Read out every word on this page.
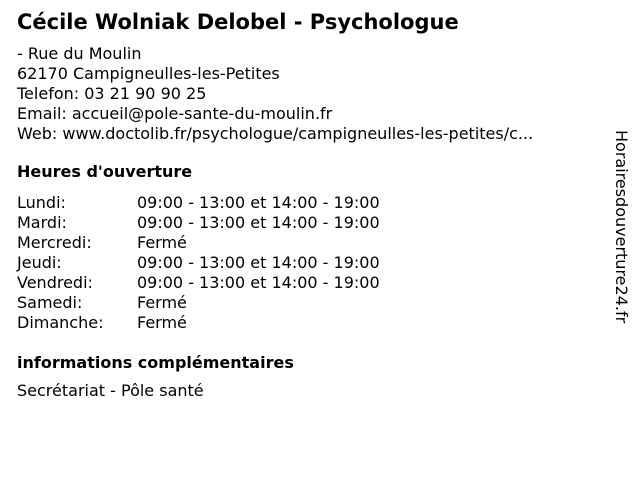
Cécile Wolniak Delobel - Psychologue
- Rue du Moulin
62170 Campigneulles-les-Petites
Telefon: 03 21 90 90 25
Email: accueil@pole-sante-du-moulin.fr
Web: www.doctolib.fr/psychologue/campigneulles-les-petites/c...
Heures d'ouverture
Lundi:	09:00 - 13:00 et 14:00 - 19:00
Mardi:	09:00 - 13:00 et 14:00 - 19:00
Mercredi:	Fermé
Jeudi:	09:00 - 13:00 et 14:00 - 19:00
Vendredi:	09:00 - 13:00 et 14:00 - 19:00
Samedi:	Fermé
Dimanche:	Fermé
informations complémentaires
Secrétariat - Pôle santé
Horairesdouverture24.fr
